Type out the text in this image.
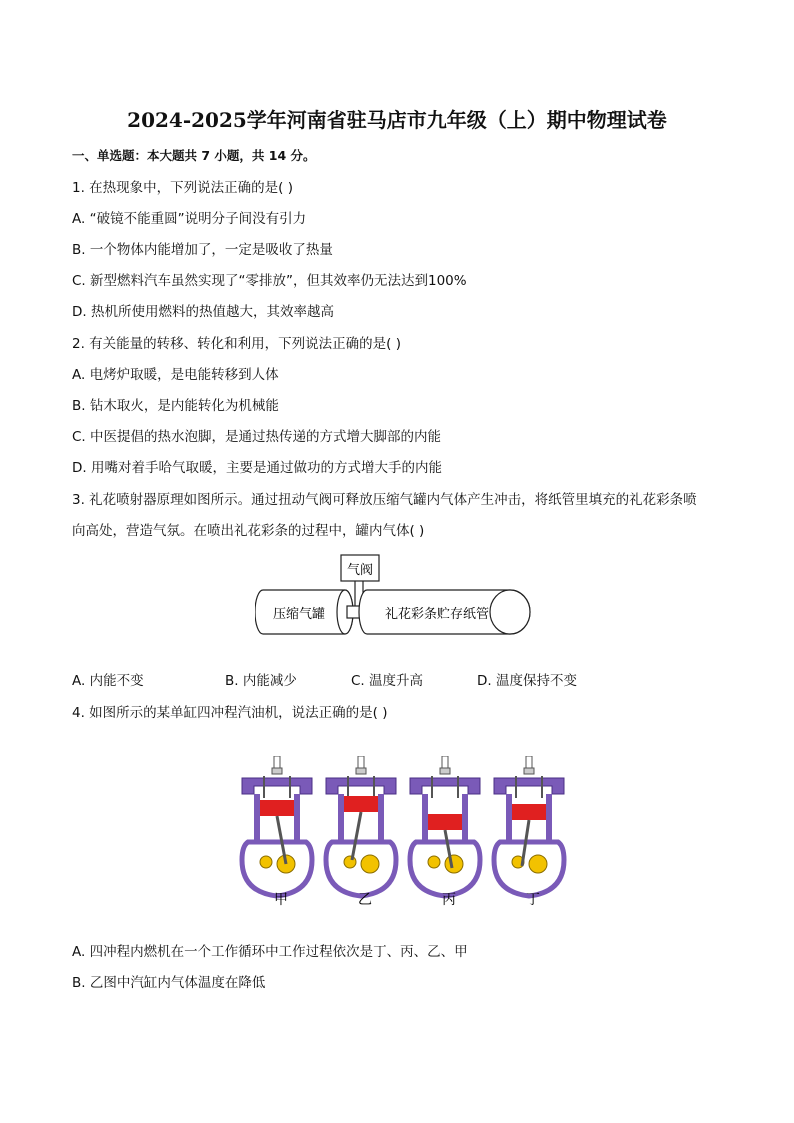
2024-2025学年河南省驻马店市九年级（上）期中物理试卷
一、单选题：本大题共 7 小题，共 14 分。
1. 在热现象中，下列说法正确的是( )
A. “破镜不能重圆”说明分子间没有引力
B. 一个物体内能增加了，一定是吸收了热量
C. 新型燃料汽车虽然实现了“零排放”，但其效率仍无法达到100%
D. 热机所使用燃料的热值越大，其效率越高
2. 有关能量的转移、转化和利用，下列说法正确的是( )
A. 电烤炉取暖，是电能转移到人体
B. 钻木取火，是内能转化为机械能
C. 中医提倡的热水泡脚，是通过热传递的方式增大脚部的内能
D. 用嘴对着手哈气取暖，主要是通过做功的方式增大手的内能
3. 礼花喷射器原理如图所示。通过扭动气阀可释放压缩气罐内气体产生冲击，将纸管里填充的礼花彩条喷
向高处，营造气氛。在喷出礼花彩条的过程中，罐内气体( )
气阀
压缩气罐	礼花彩条贮存纸管
A. 内能不变	B. 内能减少	C. 温度升高	D. 温度保持不变
4. 如图所示的某单缸四冲程汽油机，说法正确的是( )
甲	乙	丙	丁
A. 四冲程内燃机在一个工作循环中工作过程依次是丁、丙、乙、甲
B. 乙图中汽缸内气体温度在降低
